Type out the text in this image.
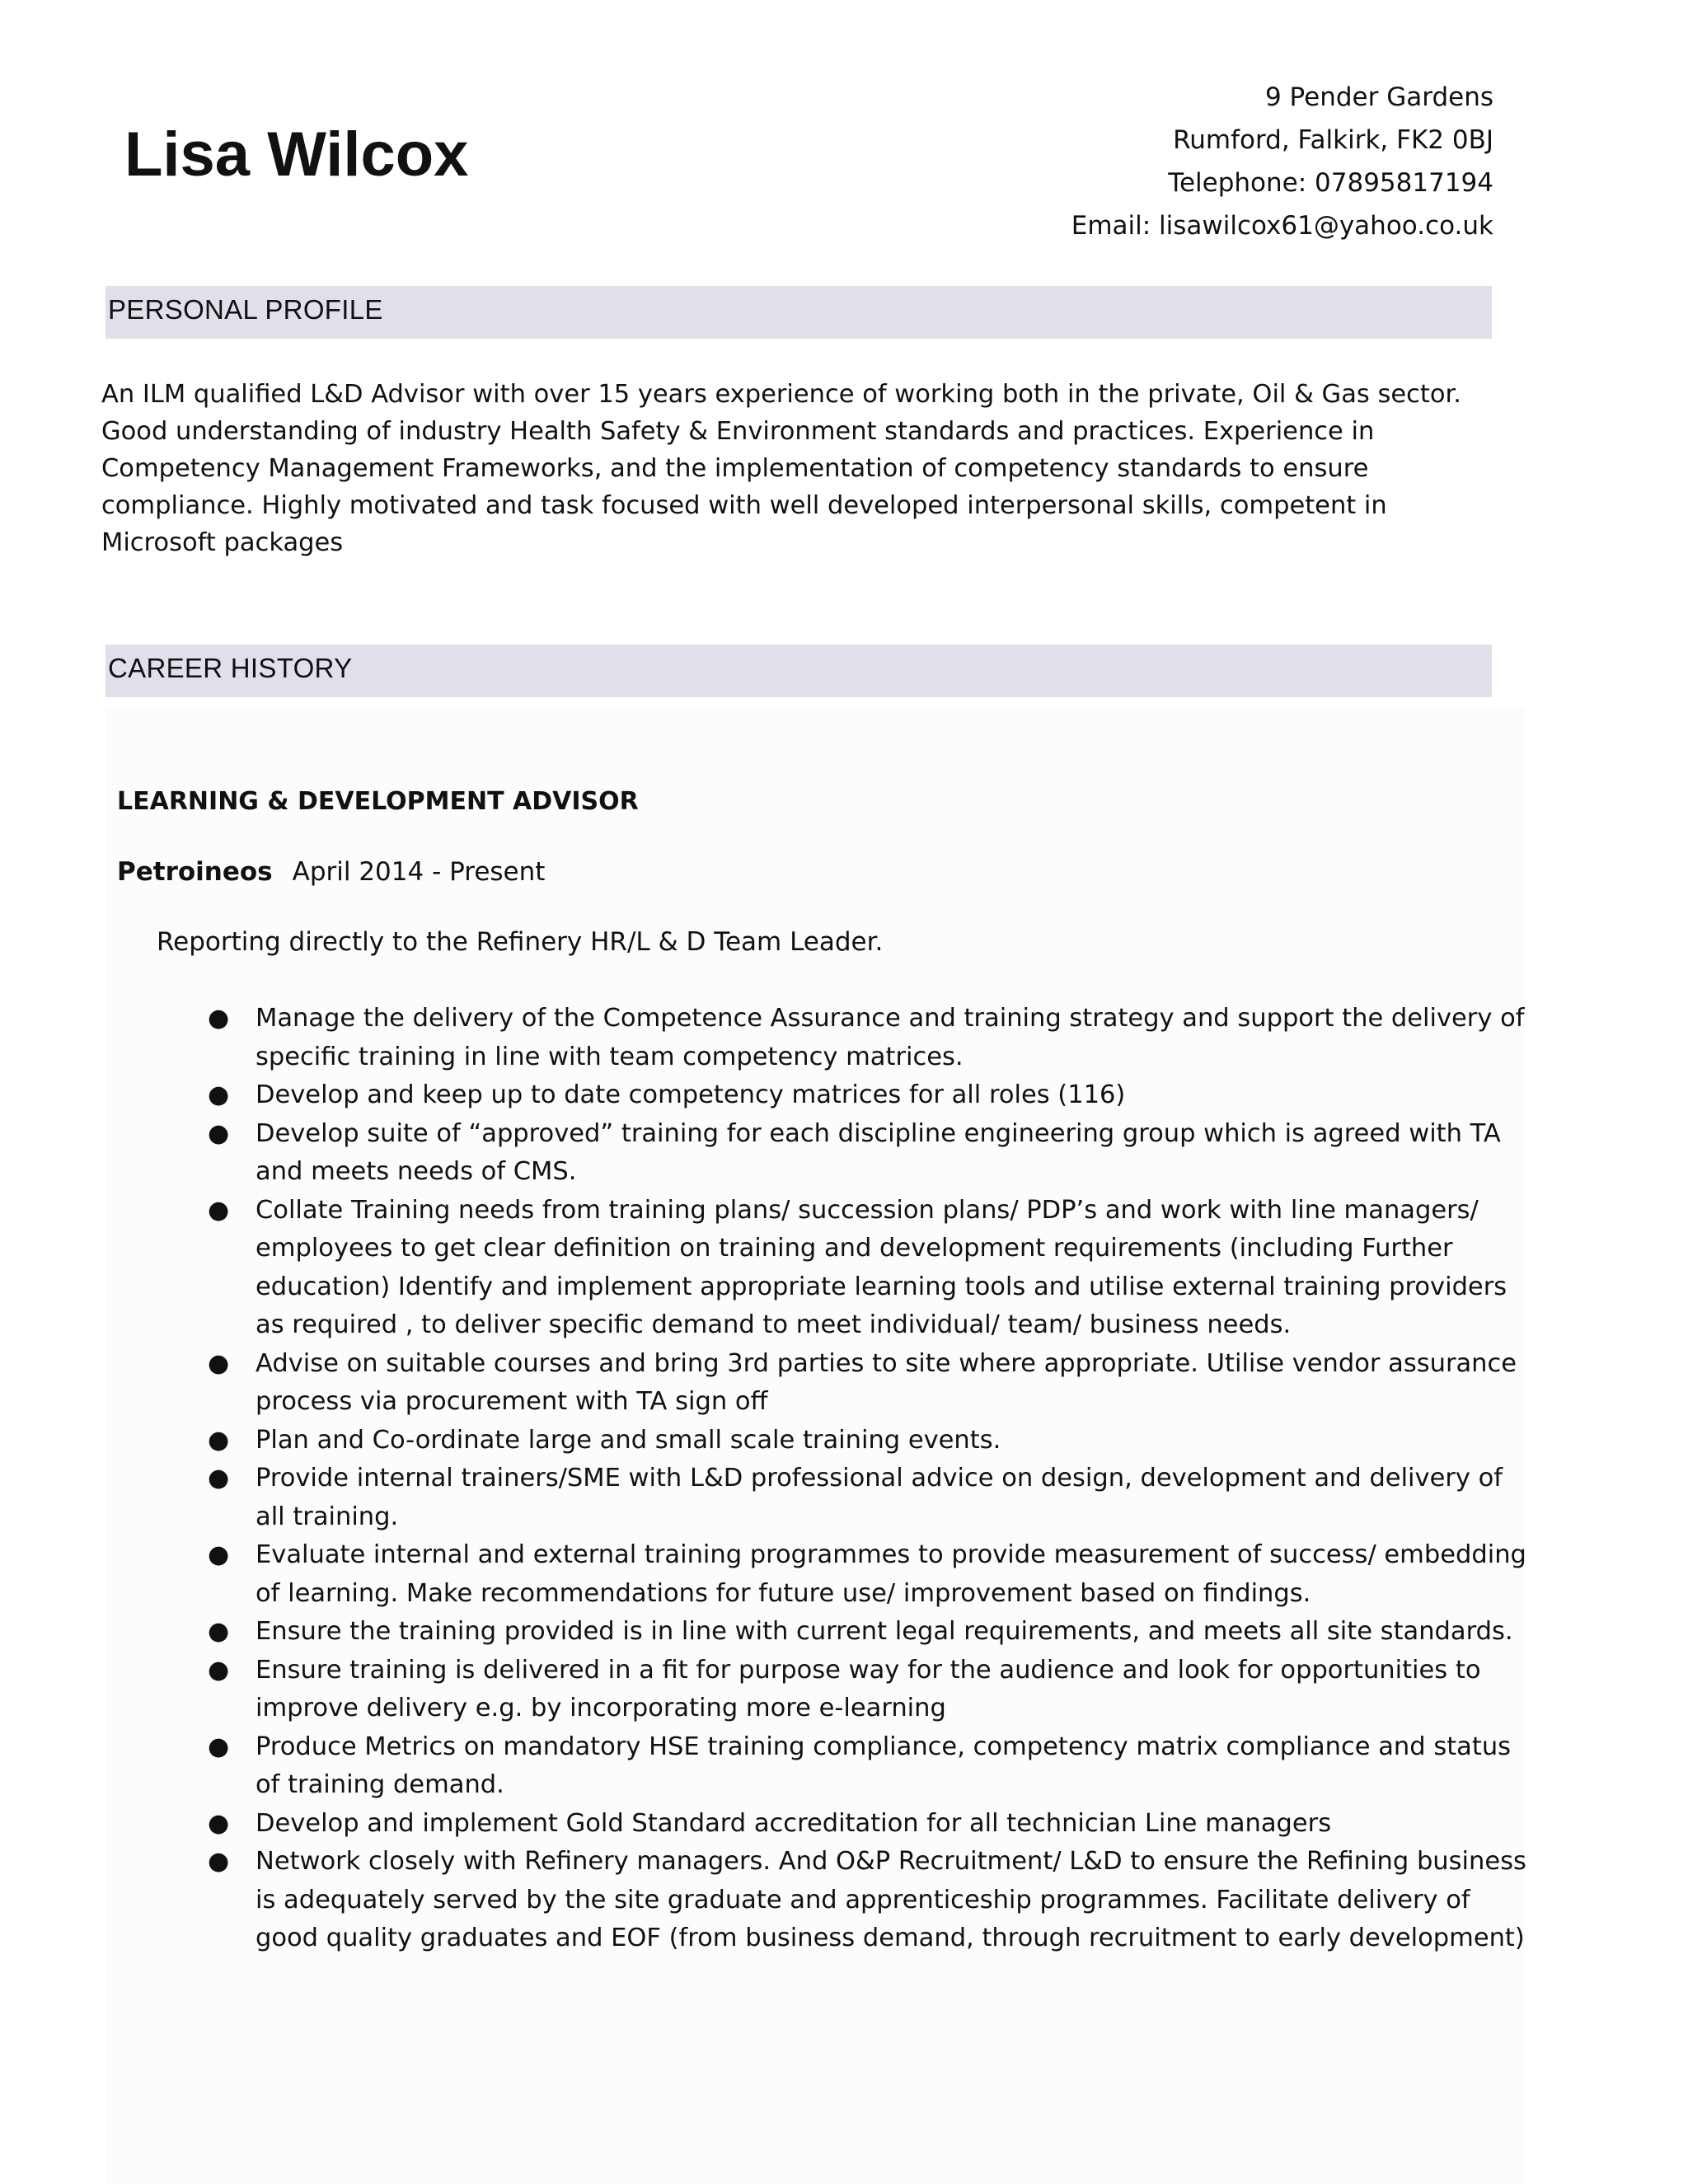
Lisa Wilcox
9 Pender Gardens
Rumford, Falkirk, FK2 0BJ
Telephone: 07895817194
Email: lisawilcox61@yahoo.co.uk
PERSONAL PROFILE

An ILM qualified L&D Advisor with over 15 years experience of working both in the private, Oil & Gas sector. Good understanding of industry Health Safety & Environment standards and practices. Experience in Competency Management Frameworks, and the implementation of competency standards to ensure compliance. Highly motivated and task focused with well developed interpersonal skills, competent in Microsoft packages

CAREER HISTORY
LEARNING & DEVELOPMENT ADVISOR
Petroineos April 2014 - Present
Reporting directly to the Refinery HR/L & D Team Leader.
● Manage the delivery of the Competence Assurance and training strategy and support the delivery of specific training in line with team competency matrices.
● Develop and keep up to date competency matrices for all roles (116)
● Develop suite of “approved” training for each discipline engineering group which is agreed with TA and meets needs of CMS.
● Collate Training needs from training plans/ succession plans/ PDP’s and work with line managers/ employees to get clear definition on training and development requirements (including Further education) Identify and implement appropriate learning tools and utilise external training providers as required , to deliver specific demand to meet individual/ team/ business needs.
● Advise on suitable courses and bring 3rd parties to site where appropriate. Utilise vendor assurance process via procurement with TA sign off
● Plan and Co-ordinate large and small scale training events.
● Provide internal trainers/SME with L&D professional advice on design, development and delivery of all training.
● Evaluate internal and external training programmes to provide measurement of success/ embedding of learning. Make recommendations for future use/ improvement based on findings.
● Ensure the training provided is in line with current legal requirements, and meets all site standards.
● Ensure training is delivered in a fit for purpose way for the audience and look for opportunities to improve delivery e.g. by incorporating more e-learning
● Produce Metrics on mandatory HSE training compliance, competency matrix compliance and status of training demand.
● Develop and implement Gold Standard accreditation for all technician Line managers
● Network closely with Refinery managers. And O&P Recruitment/ L&D to ensure the Refining business is adequately served by the site graduate and apprenticeship programmes. Facilitate delivery of good quality graduates and EOF (from business demand, through recruitment to early development)
